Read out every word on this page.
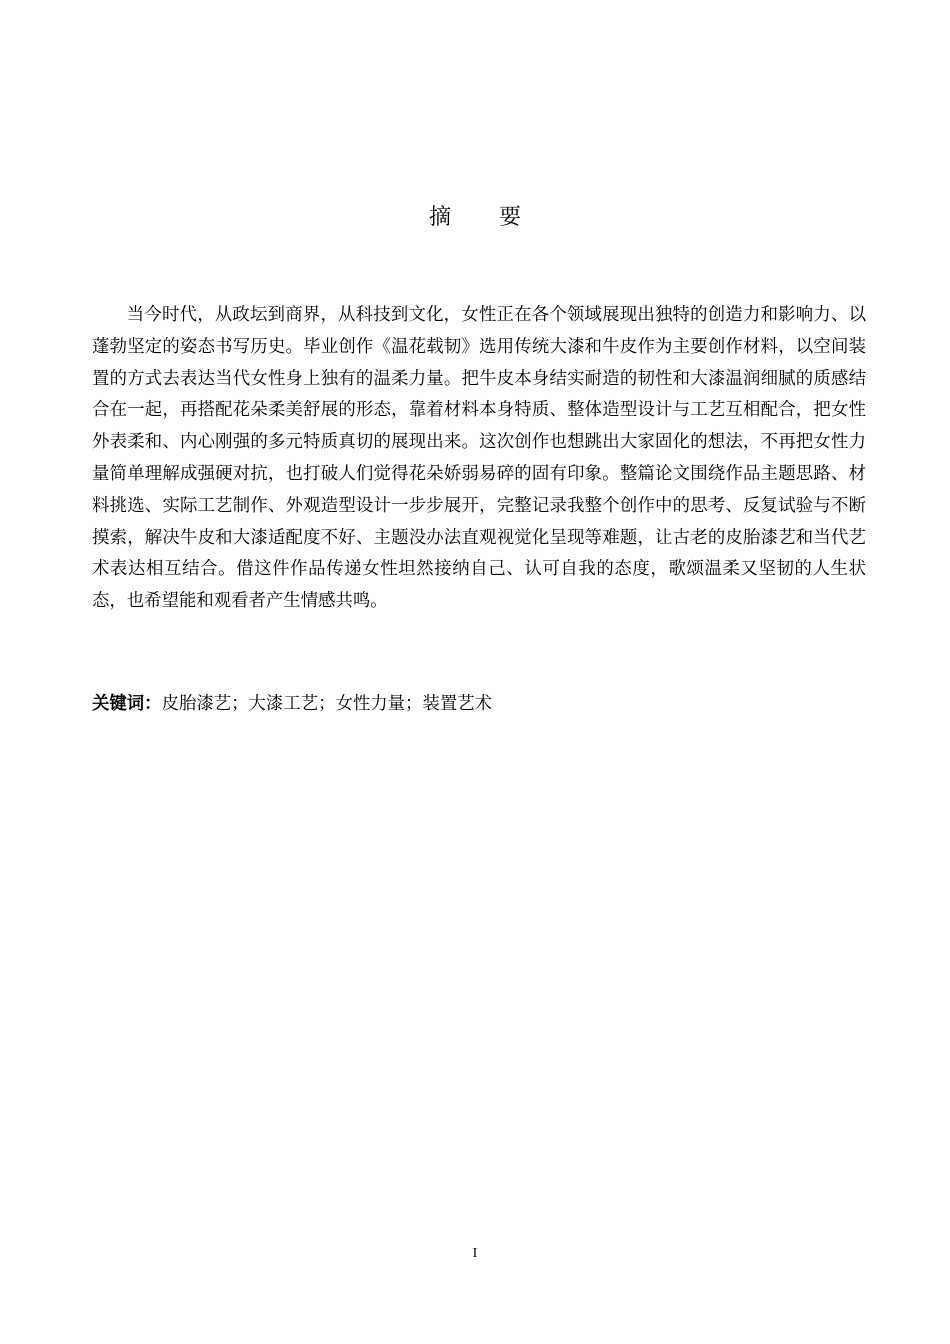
摘要

当今时代，从政坛到商界，从科技到文化，女性正在各个领域展现出独特的创造力和影响力、以蓬勃坚定的姿态书写历史。毕业创作《温花载韧》选用传统大漆和牛皮作为主要创作材料，以空间装置的方式去表达当代女性身上独有的温柔力量。把牛皮本身结实耐造的韧性和大漆温润细腻的质感结合在一起，再搭配花朵柔美舒展的形态，靠着材料本身特质、整体造型设计与工艺互相配合，把女性外表柔和、内心刚强的多元特质真切的展现出来。这次创作也想跳出大家固化的想法，不再把女性力量简单理解成强硬对抗，也打破人们觉得花朵娇弱易碎的固有印象。整篇论文围绕作品主题思路、材料挑选、实际工艺制作、外观造型设计一步步展开，完整记录我整个创作中的思考、反复试验与不断摸索，解决牛皮和大漆适配度不好、主题没办法直观视觉化呈现等难题，让古老的皮胎漆艺和当代艺术表达相互结合。借这件作品传递女性坦然接纳自己、认可自我的态度，歌颂温柔又坚韧的人生状态，也希望能和观看者产生情感共鸣。

关键词：皮胎漆艺；大漆工艺；女性力量；装置艺术

I
